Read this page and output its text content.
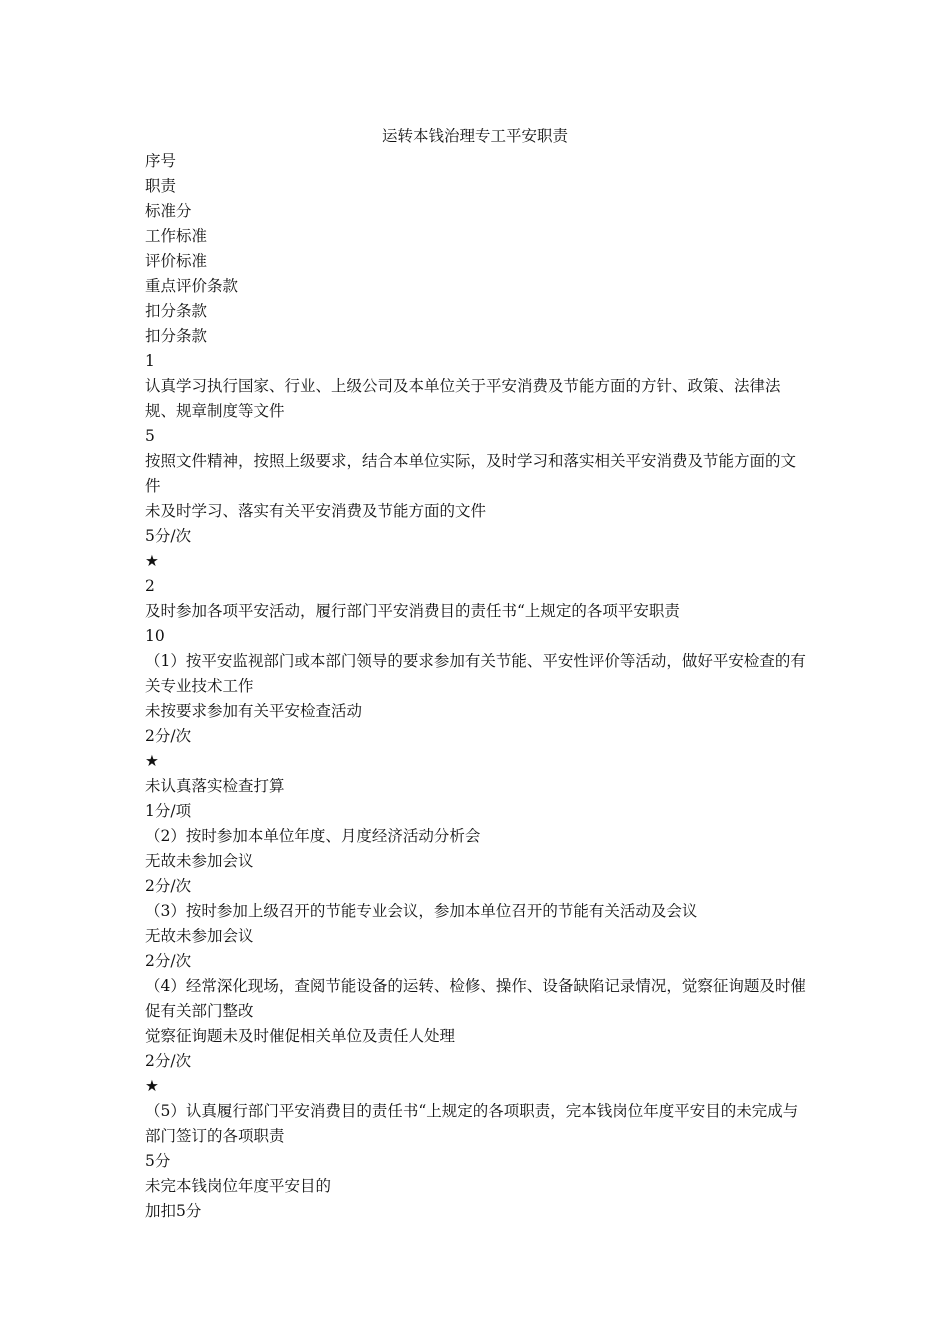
运转本钱治理专工平安职责

序号

职责

标准分

工作标准

评价标准

重点评价条款

扣分条款

扣分条款

1

认真学习执行国家、行业、上级公司及本单位关于平安消费及节能方面的方针、政策、法律法规、规章制度等文件

5

按照文件精神，按照上级要求，结合本单位实际，及时学习和落实相关平安消费及节能方面的文件

未及时学习、落实有关平安消费及节能方面的文件

5分/次

★

2

及时参加各项平安活动，履行部门平安消费目的责任书“上规定的各项平安职责

10

（1）按平安监视部门或本部门领导的要求参加有关节能、平安性评价等活动，做好平安检查的有关专业技术工作

未按要求参加有关平安检查活动

2分/次

★

未认真落实检查打算

1分/项

（2）按时参加本单位年度、月度经济活动分析会

无故未参加会议

2分/次

（3）按时参加上级召开的节能专业会议，参加本单位召开的节能有关活动及会议

无故未参加会议

2分/次

（4）经常深化现场，查阅节能设备的运转、检修、操作、设备缺陷记录情况，觉察征询题及时催促有关部门整改

觉察征询题未及时催促相关单位及责任人处理

2分/次

★

（5）认真履行部门平安消费目的责任书“上规定的各项职责，完本钱岗位年度平安目的未完成与部门签订的各项职责

5分

未完本钱岗位年度平安目的

加扣5分
